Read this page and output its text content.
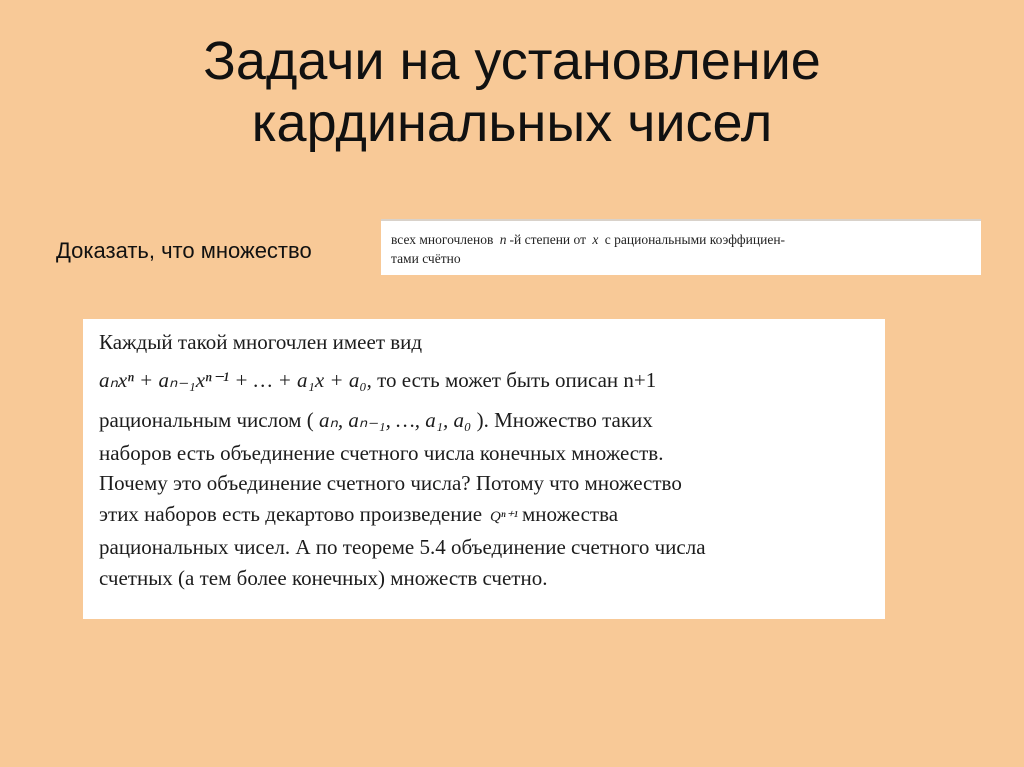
Задачи на установление
кардинальных чисел
Доказать, что множество	всех многочленов n -й степени от x с рациональными коэффициен-
тами счётно
Каждый такой многочлен имеет вид
aₙxⁿ + aₙ₋₁xⁿ⁻¹ + … + a₁x + a₀, то есть может быть описан n+1
рациональным числом ( aₙ, aₙ₋₁, …, a₁, a₀ ). Множество таких
наборов есть объединение счетного числа конечных множеств.
Почему это объединение счетного числа? Потому что множество
этих наборов есть декартово произведение Qⁿ⁺¹ множества
рациональных чисел. А по теореме 5.4 объединение счетного числа
счетных (а тем более конечных) множеств счетно.
